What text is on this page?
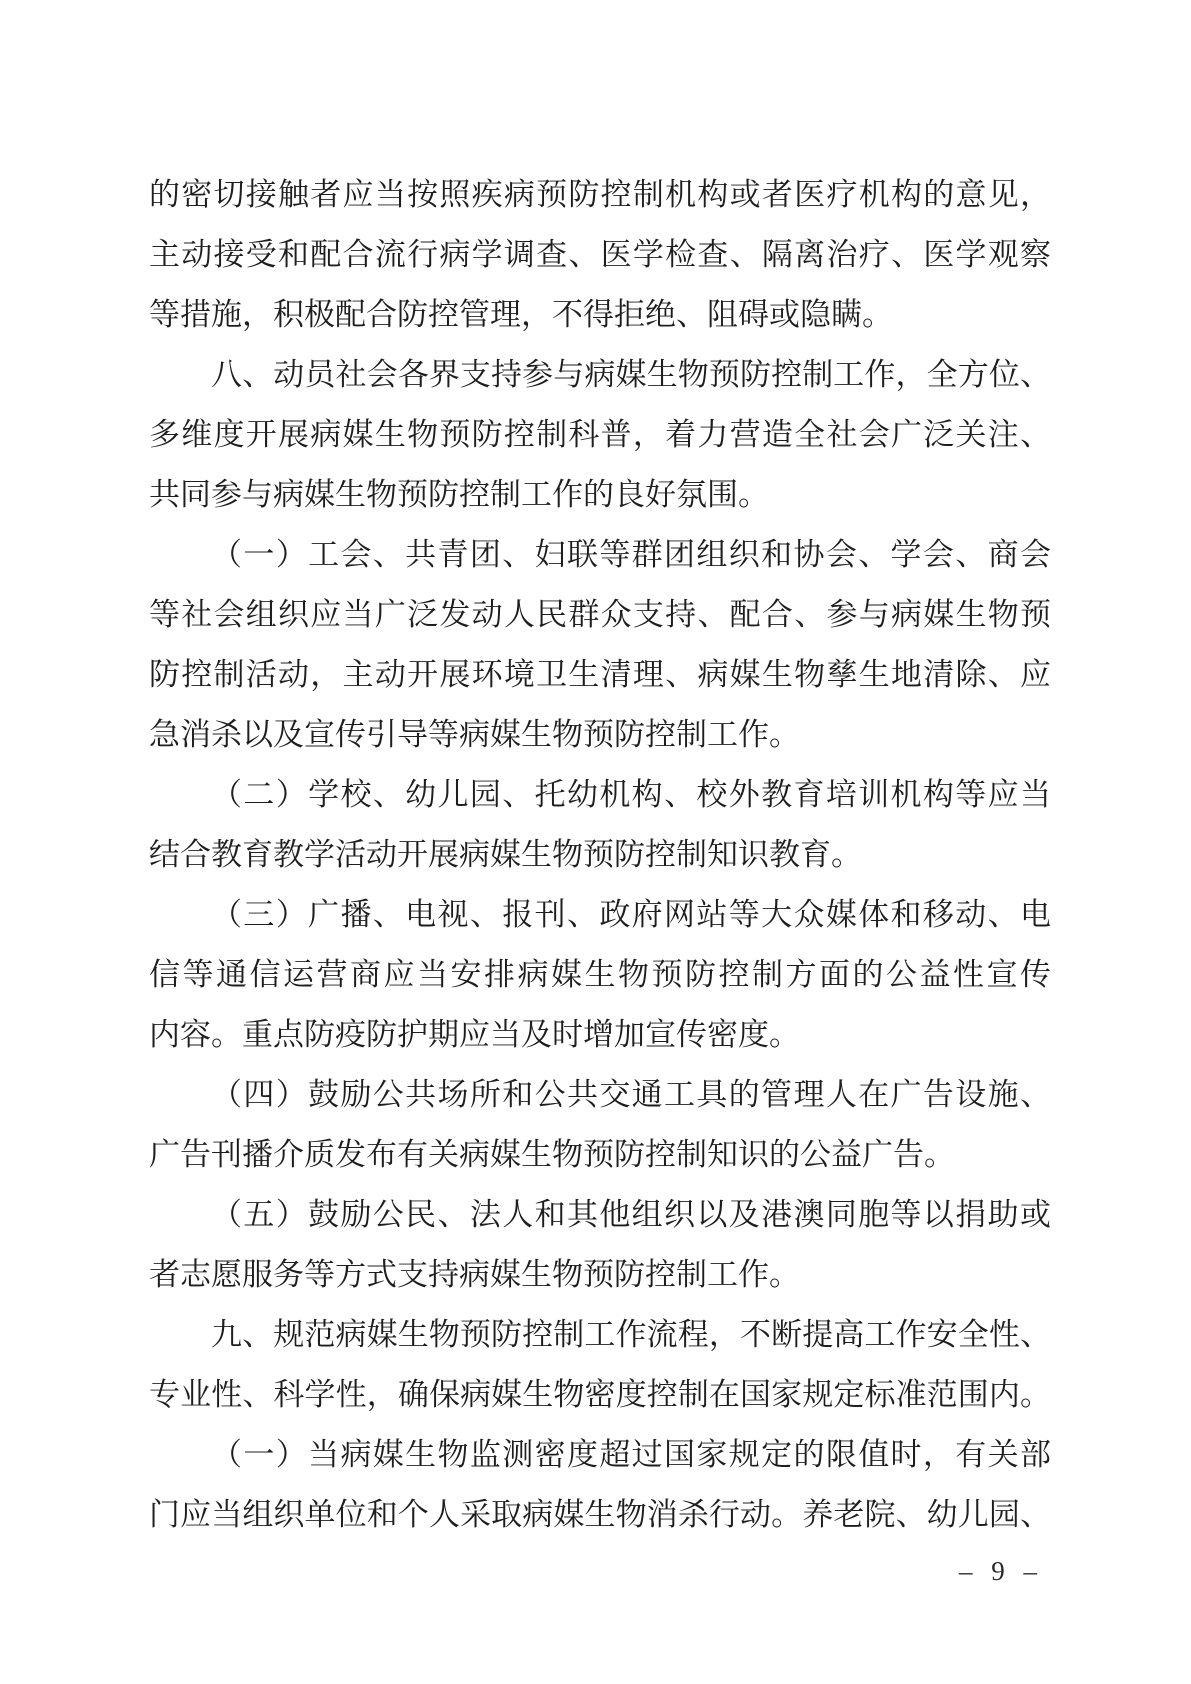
的密切接触者应当按照疾病预防控制机构或者医疗机构的意见，
主动接受和配合流行病学调查、医学检查、隔离治疗、医学观察
等措施，积极配合防控管理，不得拒绝、阻碍或隐瞒。
八、动员社会各界支持参与病媒生物预防控制工作，全方位、
多维度开展病媒生物预防控制科普，着力营造全社会广泛关注、
共同参与病媒生物预防控制工作的良好氛围。
（一）工会、共青团、妇联等群团组织和协会、学会、商会
等社会组织应当广泛发动人民群众支持、配合、参与病媒生物预
防控制活动，主动开展环境卫生清理、病媒生物孳生地清除、应
急消杀以及宣传引导等病媒生物预防控制工作。
（二）学校、幼儿园、托幼机构、校外教育培训机构等应当
结合教育教学活动开展病媒生物预防控制知识教育。
（三）广播、电视、报刊、政府网站等大众媒体和移动、电
信等通信运营商应当安排病媒生物预防控制方面的公益性宣传
内容。重点防疫防护期应当及时增加宣传密度。
（四）鼓励公共场所和公共交通工具的管理人在广告设施、
广告刊播介质发布有关病媒生物预防控制知识的公益广告。
（五）鼓励公民、法人和其他组织以及港澳同胞等以捐助或
者志愿服务等方式支持病媒生物预防控制工作。
九、规范病媒生物预防控制工作流程，不断提高工作安全性、
专业性、科学性，确保病媒生物密度控制在国家规定标准范围内。
（一）当病媒生物监测密度超过国家规定的限值时，有关部
门应当组织单位和个人采取病媒生物消杀行动。养老院、幼儿园、
– 9 –
